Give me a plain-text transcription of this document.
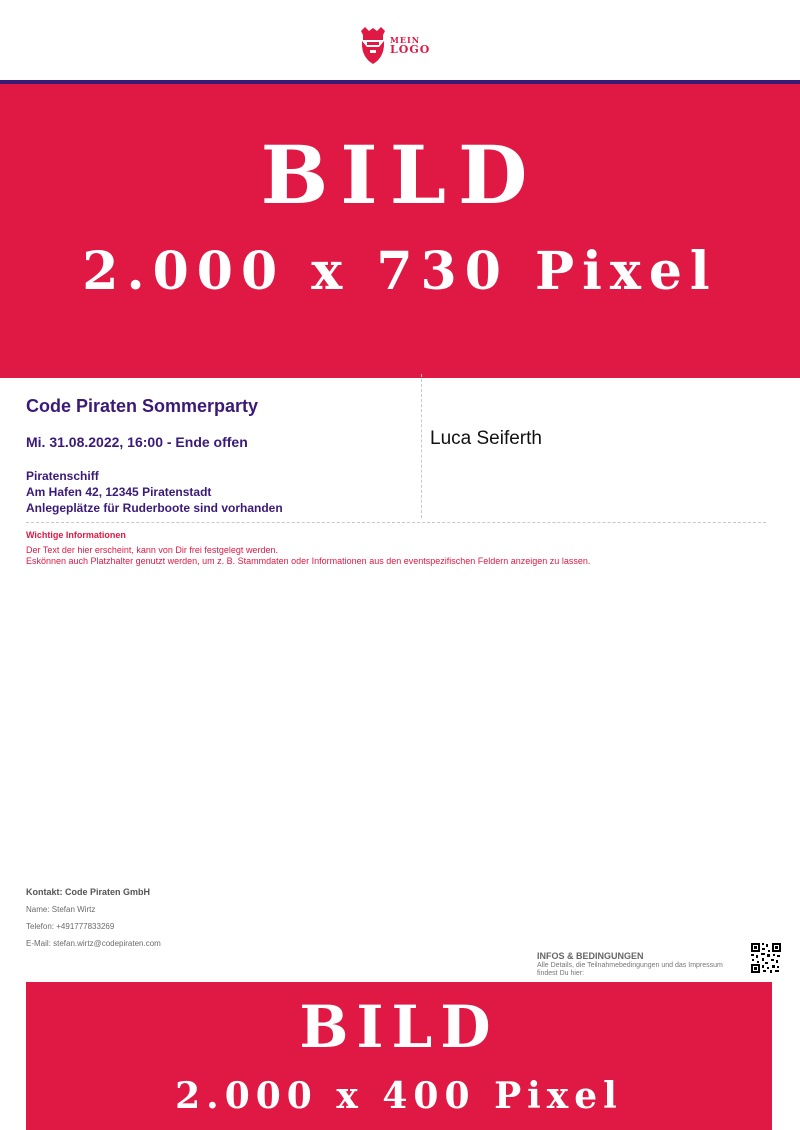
MEIN
LOGO
BILD
2.000 x 730 Pixel
Code Piraten Sommerparty
Mi. 31.08.2022, 16:00 - Ende offen
Piratenschiff
Am Hafen 42, 12345 Piratenstadt
Anlegeplätze für Ruderboote sind vorhanden
Luca Seiferth
Wichtige Informationen
Der Text der hier erscheint, kann von Dir frei festgelegt werden.
Eskönnen auch Platzhalter genutzt werden, um z. B. Stammdaten oder Informationen aus den eventspezifischen Feldern anzeigen zu lassen.
Kontakt: Code Piraten GmbH
Name: Stefan Wirtz
Telefon: +491777833269
E-Mail: stefan.wirtz@codepiraten.com
INFOS & BEDINGUNGEN
Alle Details, die Teilnahmebedingungen und das Impressum findest Du hier:
BILD
2.000 x 400 Pixel
